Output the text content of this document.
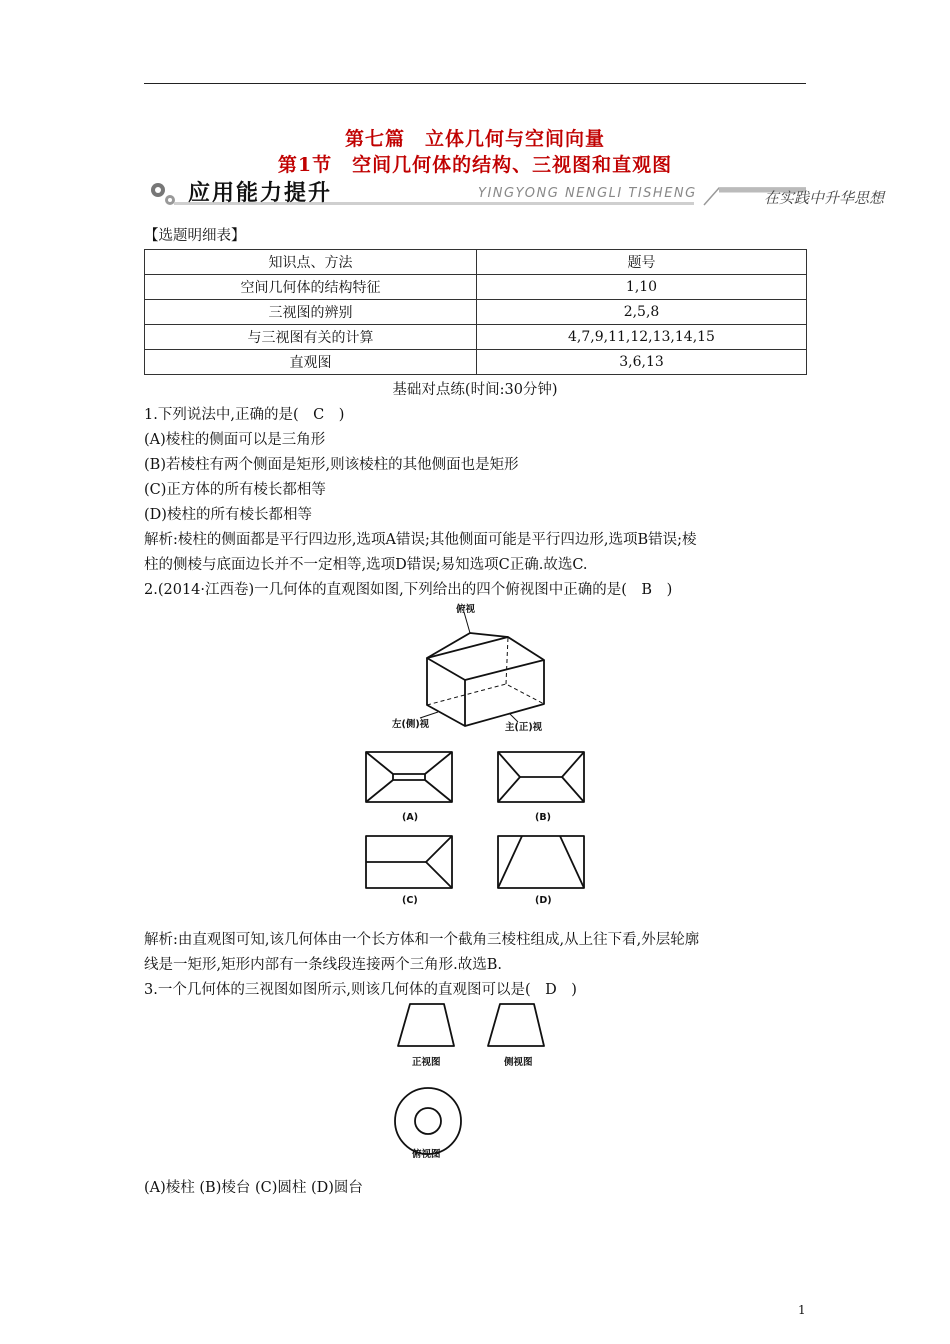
第七篇　立体几何与空间向量
第1节　空间几何体的结构、三视图和直观图
应用能力提升	YINGYONG NENGLI TISHENG	在实践中升华思想
【选题明细表】
知识点、方法	题号
空间几何体的结构特征	1,10
三视图的辨别	2,5,8
与三视图有关的计算	4,7,9,11,12,13,14,15
直观图	3,6,13
基础对点练(时间:30分钟)
1.下列说法中,正确的是(　C　)
(A)棱柱的侧面可以是三角形
(B)若棱柱有两个侧面是矩形,则该棱柱的其他侧面也是矩形
(C)正方体的所有棱长都相等
(D)棱柱的所有棱长都相等
解析:棱柱的侧面都是平行四边形,选项A错误;其他侧面可能是平行四边形,选项B错误;棱
柱的侧棱与底面边长并不一定相等,选项D错误;易知选项C正确.故选C.
2.(2014·江西卷)一几何体的直观图如图,下列给出的四个俯视图中正确的是(　B　)
俯视
左(侧)视	主(正)视
(A)	(B)
(C)	(D)
解析:由直观图可知,该几何体由一个长方体和一个截角三棱柱组成,从上往下看,外层轮廓
线是一矩形,矩形内部有一条线段连接两个三角形.故选B.
3.一个几何体的三视图如图所示,则该几何体的直观图可以是(　D　)
正视图	侧视图
俯视图
(A)棱柱 (B)棱台 (C)圆柱 (D)圆台
1
